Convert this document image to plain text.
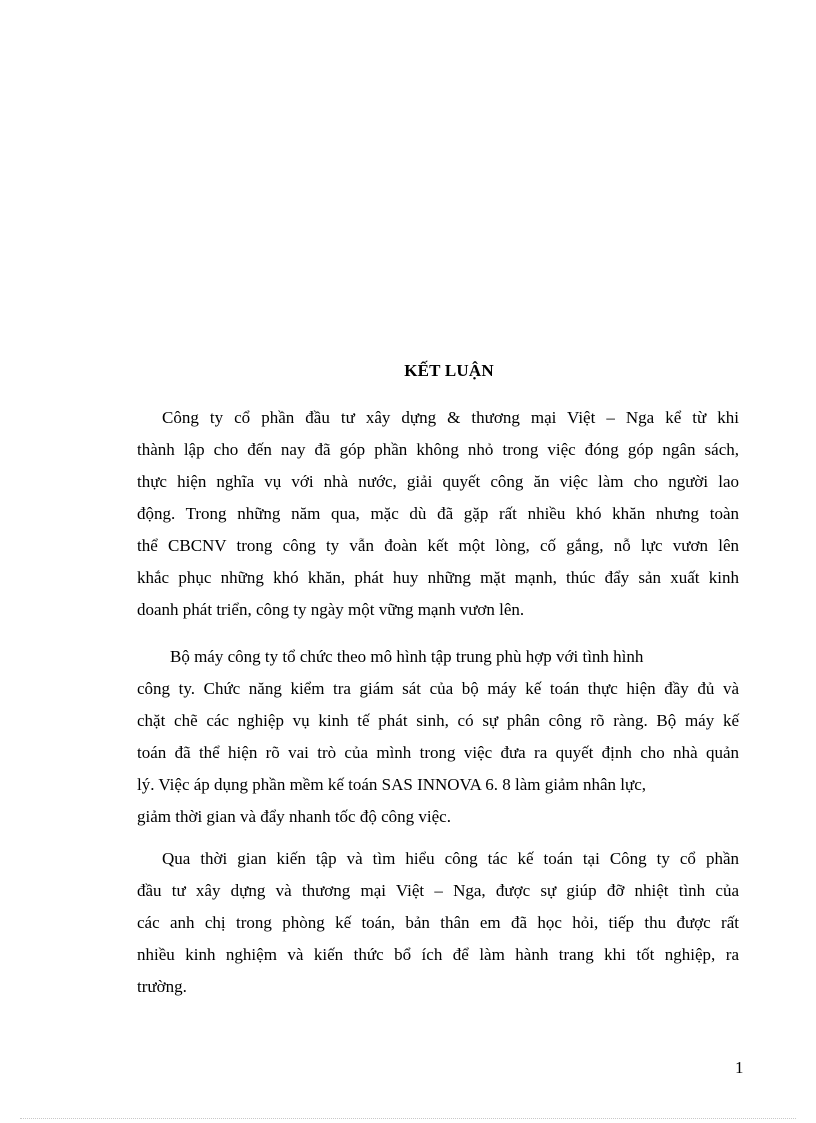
KẾT LUẬN
Công ty cổ phần đầu tư xây dựng & thương mại Việt – Nga kể từ khi
thành lập cho đến nay đã góp phần không nhỏ trong việc đóng góp ngân sách,
thực hiện nghĩa vụ với nhà nước, giải quyết công ăn việc làm cho người lao
động. Trong những năm qua, mặc dù đã gặp rất nhiều khó khăn nhưng toàn
thể CBCNV trong công ty vẫn đoàn kết một lòng, cố gắng, nỗ lực vươn lên
khắc phục những khó khăn, phát huy những mặt mạnh, thúc đẩy sản xuất kinh
doanh phát triển, công ty ngày một vững mạnh vươn lên.
Bộ máy công ty tổ chức theo mô hình tập trung phù hợp với tình hình
công ty. Chức năng kiểm tra giám sát của bộ máy kế toán thực hiện đầy đủ và
chặt chẽ các nghiệp vụ kinh tế phát sinh, có sự phân công rõ ràng. Bộ máy kế
toán đã thể hiện rõ vai trò của mình trong việc đưa ra quyết định cho nhà quản
lý. Việc áp dụng phần mềm kế toán SAS INNOVA 6. 8 làm giảm nhân lực,
giảm thời gian và đẩy nhanh tốc độ công việc.
Qua thời gian kiến tập và tìm hiểu công tác kế toán tại Công ty cổ phần
đầu tư xây dựng và thương mại Việt – Nga, được sự giúp đỡ nhiệt tình của
các anh chị trong phòng kế toán, bản thân em đã học hỏi, tiếp thu được rất
nhiều kinh nghiệm và kiến thức bổ ích để làm hành trang khi tốt nghiệp, ra
trường.
1
